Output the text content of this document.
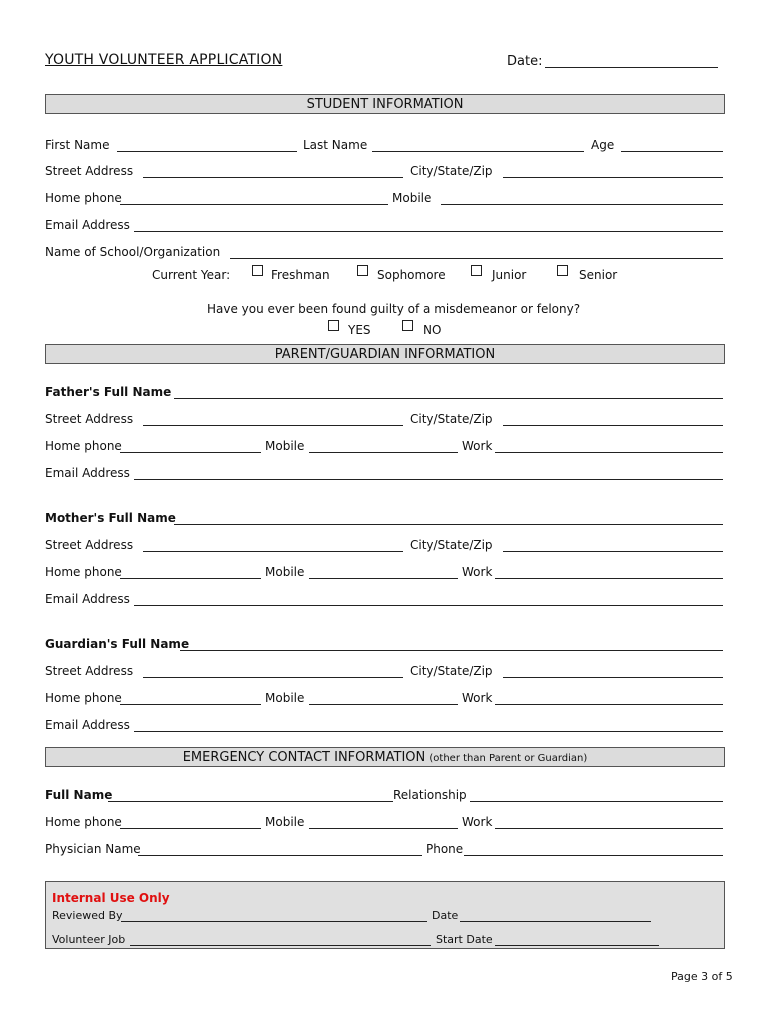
YOUTH VOLUNTEER APPLICATION	Date:
STUDENT INFORMATION
First Name	Last Name	Age
Street Address	City/State/Zip
Home phone	Mobile
Email Address
Name of School/Organization
Current Year:	Freshman	Sophomore	Junior	Senior
Have you ever been found guilty of a misdemeanor or felony?
YES	NO
PARENT/GUARDIAN INFORMATION
Father's Full Name
Street Address	City/State/Zip
Home phone	Mobile	Work
Email Address
Mother's Full Name
Street Address	City/State/Zip
Home phone	Mobile	Work
Email Address
Guardian's Full Name
Street Address	City/State/Zip
Home phone	Mobile	Work
Email Address
EMERGENCY CONTACT INFORMATION (other than Parent or Guardian)
Full Name	Relationship
Home phone	Mobile	Work
Physician Name	Phone
Internal Use Only
Reviewed By	Date
Volunteer Job	Start Date
Page 3 of 5
